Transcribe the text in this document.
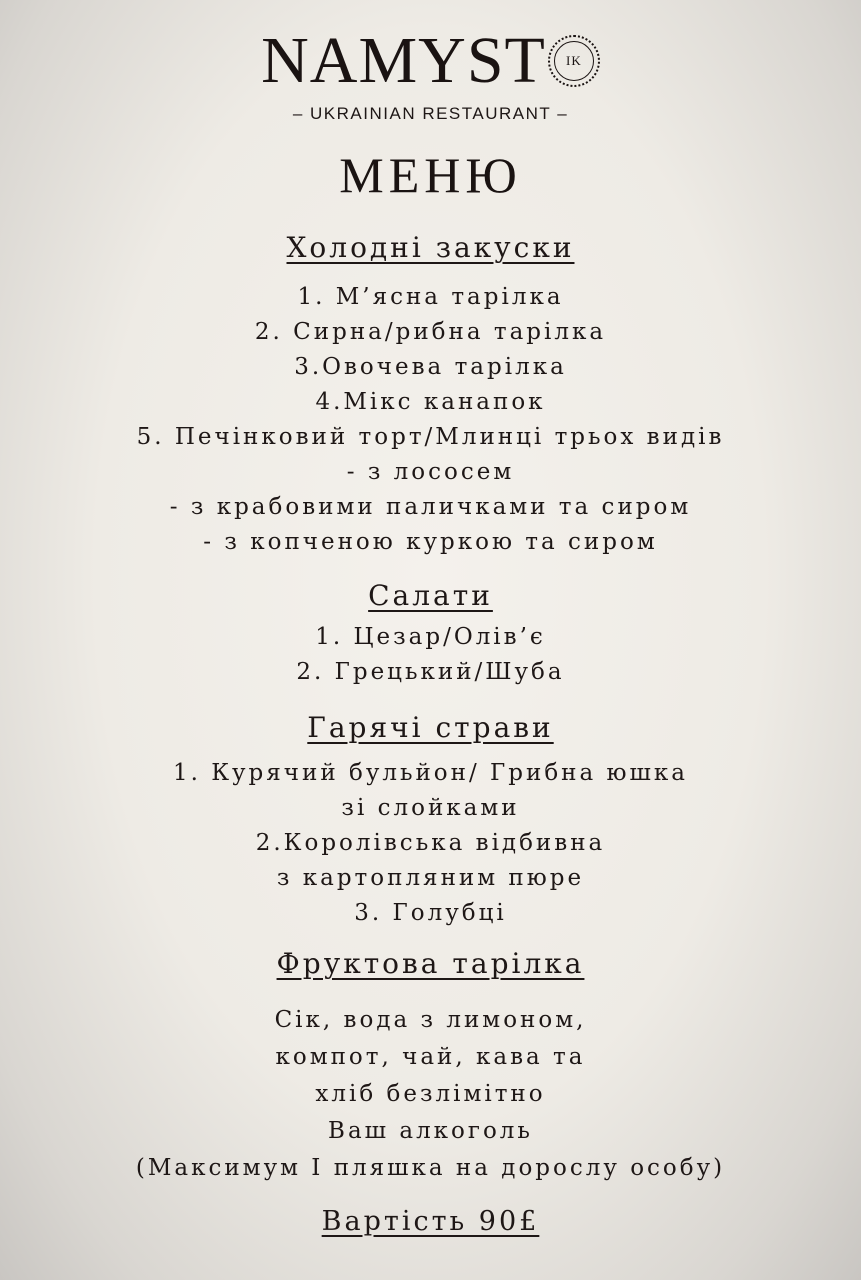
NAMYST	IK
– UKRAINIAN RESTAURANT –
МЕНЮ
Холодні закуски
1. М’ясна тарілка
2. Сирна/рибна тарілка
3.Овочева тарілка
4.Мікс канапок
5. Печінковий торт/Млинці трьох видів
- з лососем
- з крабовими паличками та сиром
- з копченою куркою та сиром
Салати
1. Цезар/Олів’є
2. Грецький/Шуба
Гарячі страви
1. Курячий бульйон/ Грибна юшка
зі слойками
2.Королівська відбивна
з картопляним пюре
3. Голубці
Фруктова тарілка
Сік, вода з лимоном,
компот, чай, кава та
хліб безлімітно
Ваш алкоголь
(Максимум I пляшка на дорослу особу)
Вартість 90£
